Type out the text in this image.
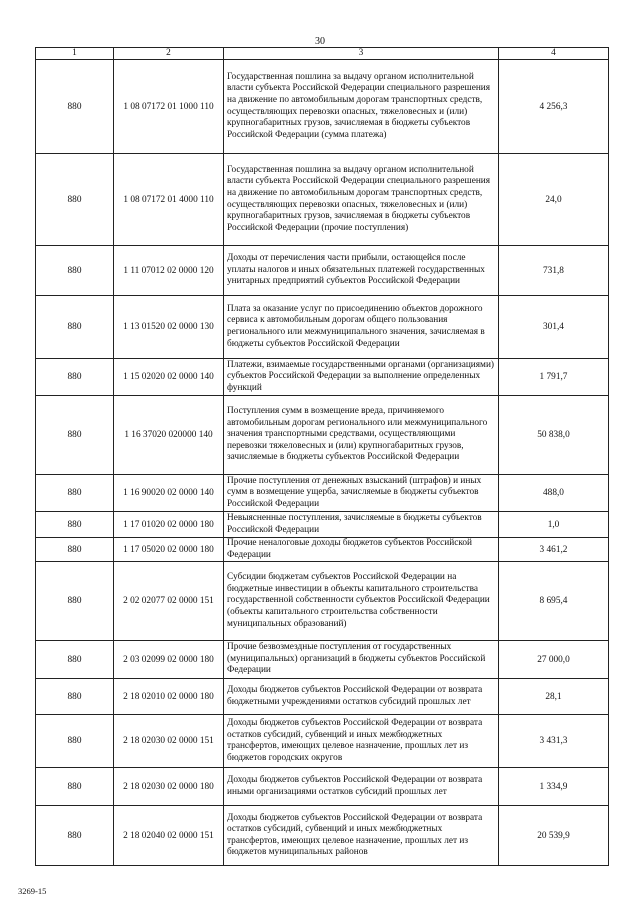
30
1	2	3	4
880	1 08 07172 01 1000 110	Государственная пошлина за выдачу органом исполнительной власти субъекта Российской Федерации специального разрешения на движение по автомобильным дорогам транспортных средств, осуществляющих перевозки опасных, тяжеловесных и (или) крупногабаритных грузов, зачисляемая в бюджеты субъектов Российской Федерации (сумма платежа)	4 256,3
880	1 08 07172 01 4000 110	Государственная пошлина за выдачу органом исполнительной власти субъекта Российской Федерации специального разрешения на движение по автомобильным дорогам транспортных средств, осуществляющих перевозки опасных, тяжеловесных и (или) крупногабаритных грузов, зачисляемая в бюджеты субъектов Российской Федерации (прочие поступления)	24,0
880	1 11 07012 02 0000 120	Доходы от перечисления части прибыли, остающейся после уплаты налогов и иных обязательных платежей государственных унитарных предприятий субъектов Российской Федерации	731,8
880	1 13 01520 02 0000 130	Плата за оказание услуг по присоединению объектов дорожного сервиса к автомобильным дорогам общего пользования регионального или межмуниципального значения, зачисляемая в бюджеты субъектов Российской Федерации	301,4
880	1 15 02020 02 0000 140	Платежи, взимаемые государственными органами (организациями) субъектов Российской Федерации за выполнение определенных функций	1 791,7
880	1 16 37020 020000 140	Поступления сумм в возмещение вреда, причиняемого автомобильным дорогам регионального или межмуниципального значения транспортными средствами, осуществляющими перевозки тяжеловесных и (или) крупногабаритных грузов, зачисляемые в бюджеты субъектов Российской Федерации	50 838,0
880	1 16 90020 02 0000 140	Прочие поступления от денежных взысканий (штрафов) и иных сумм в возмещение ущерба, зачисляемые в бюджеты субъектов Российской Федерации	488,0
880	1 17 01020 02 0000 180	Невыясненные поступления, зачисляемые в бюджеты субъектов Российской Федерации	1,0
880	1 17 05020 02 0000 180	Прочие неналоговые доходы бюджетов субъектов Российской Федерации	3 461,2
880	2 02 02077 02 0000 151	Субсидии бюджетам субъектов Российской Федерации на бюджетные инвестиции в объекты капитального строительства государственной собственности субъектов Российской Федерации (объекты капитального строительства собственности муниципальных образований)	8 695,4
880	2 03 02099 02 0000 180	Прочие безвозмездные поступления от государственных (муниципальных) организаций в бюджеты субъектов Российской Федерации	27 000,0
880	2 18 02010 02 0000 180	Доходы бюджетов субъектов Российской Федерации от возврата бюджетными учреждениями остатков субсидий прошлых лет	28,1
880	2 18 02030 02 0000 151	Доходы бюджетов субъектов Российской Федерации от возврата остатков субсидий, субвенций и иных межбюджетных трансфертов, имеющих целевое назначение, прошлых лет из бюджетов городских округов	3 431,3
880	2 18 02030 02 0000 180	Доходы бюджетов субъектов Российской Федерации от возврата иными организациями остатков субсидий прошлых лет	1 334,9
880	2 18 02040 02 0000 151	Доходы бюджетов субъектов Российской Федерации от возврата остатков субсидий, субвенций и иных межбюджетных трансфертов, имеющих целевое назначение, прошлых лет из бюджетов муниципальных районов	20 539,9
3269-15
